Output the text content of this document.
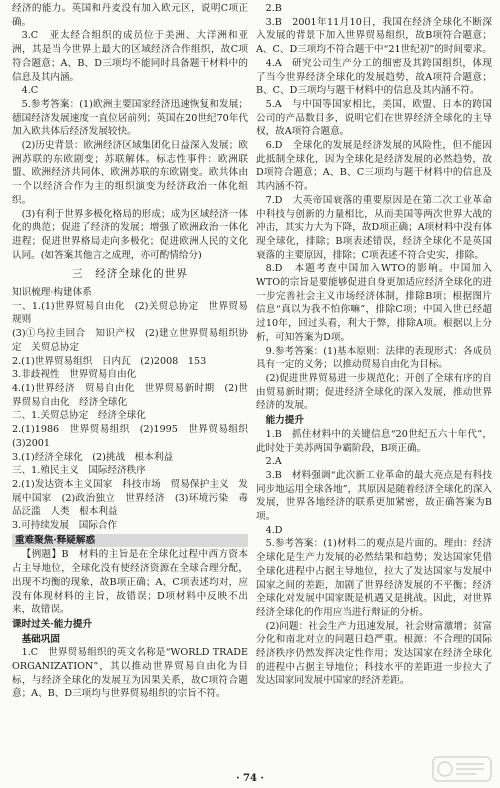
经济的能力。英国和丹麦没有加入欧元区，说明C项正确。

3.C　亚太经合组织的成员位于美洲、大洋洲和亚洲，其是当今世界上最大的区域经济合作组织，故C项符合题意；A、B、D三项均不能同时具备题干材料中的信息及其内涵。

4.C

5.参考答案：(1)欧洲主要国家经济迅速恢复和发展；德国经济发展速度一直位居前列；英国在20世纪70年代加入欧共体后经济发展较快。

(2)历史背景：欧洲经济区域集团化日益深入发展；欧洲苏联的东欧剧变；苏联解体。标志性事件：欧洲联盟、欧洲经济共同体、欧洲苏联的东欧剧变。欧共体由一个以经济合作为主的组织演变为经济政治一体化组织。

(3)有利于世界多极化格局的形成；成为区域经济一体化的典范；促进了经济的发展；增强了欧洲政治一体化进程；促进世界格局走向多极化；促进欧洲人民的文化认同。(如答案其他言之成理，亦可酌情给分)

三　经济全球化的世界

知识梳理·构建体系

一、1.(1)世界贸易自由化　(2)关贸总协定　世界贸易规则

(3)①乌拉圭回合　知识产权　(2)建立世界贸易组织协定　关贸总协定

2.(1)世界贸易组织　日内瓦　(2)2008　153

3.非歧视性　世界贸易自由化

4.(1)世界经济　贸易自由化　世界贸易新时期　(2)世界贸易自由化　经济全球化

二、1.关贸总协定　经济全球化

2.(1)1986　世界贸易组织　(2)1995　世界贸易组织　(3)2001

3.(1)经济全球化　(2)挑战　根本利益

三、1.殖民主义　国际经济秩序

2.(1)发达资本主义国家　科技市场　贸易保护主义　发展中国家　(2)政治独立　世界经济　(3)环境污染　毒品泛滥　人类　根本利益

3.可持续发展　国际合作

重难聚焦·释疑解惑

【例题】B　材料的主旨是在全球化过程中西方资本占主导地位，全球化没有使经济资源在全球合理分配，出现不均衡的现象，故B项正确；A、C项表述均对，应没有体现材料的主旨，故错误；D项材料中反映不出来，故错误。

课时过关·能力提升

　基础巩固

1.C　世界贸易组织的英文名称是“WORLD TRADE ORGANIZATION”，其以推动世界贸易自由化为目标，与经济全球化的发展互为因果关系，故C项符合题意；A、B、D三项均与世界贸易组织的宗旨不符。

2.B

3.B　2001年11月10日，我国在经济全球化不断深入发展的背景下加入世界贸易组织，故B项符合题意；A、C、D三项均不符合题干中“21世纪初”的时间要求。

4.A　研究公司生产分工的细密及其跨国组织，体现了当今世界经济全球化的发展趋势，故A项符合题意；B、C、D三项均与题干材料中的信息及其内涵不符。

5.A　与中国等国家相比，美国、欧盟、日本的跨国公司的产品数目多，说明它们在世界经济全球化的主导权，故A项符合题意。

6.D　全球化的发展是经济发展的风险性，但不能因此抵制全球化，因为全球化是经济发展的必然趋势，故D项符合题意；A、B、C三项均与题干材料中的信息及其内涵不符。

7.D　大英帝国衰落的重要原因是在第二次工业革命中科技与创新的力量相比，从而美国等两次世界大战的冲击，其实力大为下降，故D项正确；A项材料中没有体现全球化，排除；B项表述错误，经济全球化不是英国衰落的主要原因，排除；C项表述不符合史实，排除。

8.D　本题考查中国加入WTO的影响。中国加入WTO的宗旨是要能够促进自身更加适应经济全球化的进一步完善社会主义市场经济体制，排除B项；根据图片信息“真以为我不怕你嘛”，排除C项；中国入世已经超过10年，回过头看，利大于弊，排除A项。根据以上分析，可知答案为D项。

9.参考答案：(1)基本原则：法律的表现形式：各成员具有一定的义务；以推动贸易自由化为目标。

(2)促进世界贸易进一步规范化；开创了全球有序的自由贸易新时期；促进经济全球化的深入发展，推动世界经济的发展。

　能力提升

1.B　抓住材料中的关键信息“20世纪五六十年代”，此时处于美苏两国争霸阶段，B项正确。

2.A

3.B　材料强调“此次新工业革命的最大亮点是有科技同步地运用全球各地”，其原因是随着经济全球化的深入发展，世界各地经济的联系更加紧密，故正确答案为B项。

4.D

5.参考答案：(1)材料二的观点是片面的。理由：经济全球化是生产力发展的必然结果和趋势；发达国家凭借全球化进程中占据主导地位，拉大了发达国家与发展中国家之间的差距，加剧了世界经济发展的不平衡；经济全球化对发展中国家既是机遇又是挑战。因此，对世界经济全球化的作用应当进行辩证的分析。

(2)问题：社会生产力迅速发展，社会财富激增；贫富分化和南北对立的问题日趋严重。根源：不合理的国际经济秩序仍然发挥决定性作用；发达国家在经济全球化的进程中占据主导地位；科技水平的差距进一步拉大了发达国家同发展中国家的经济差距。

· 74 ·
